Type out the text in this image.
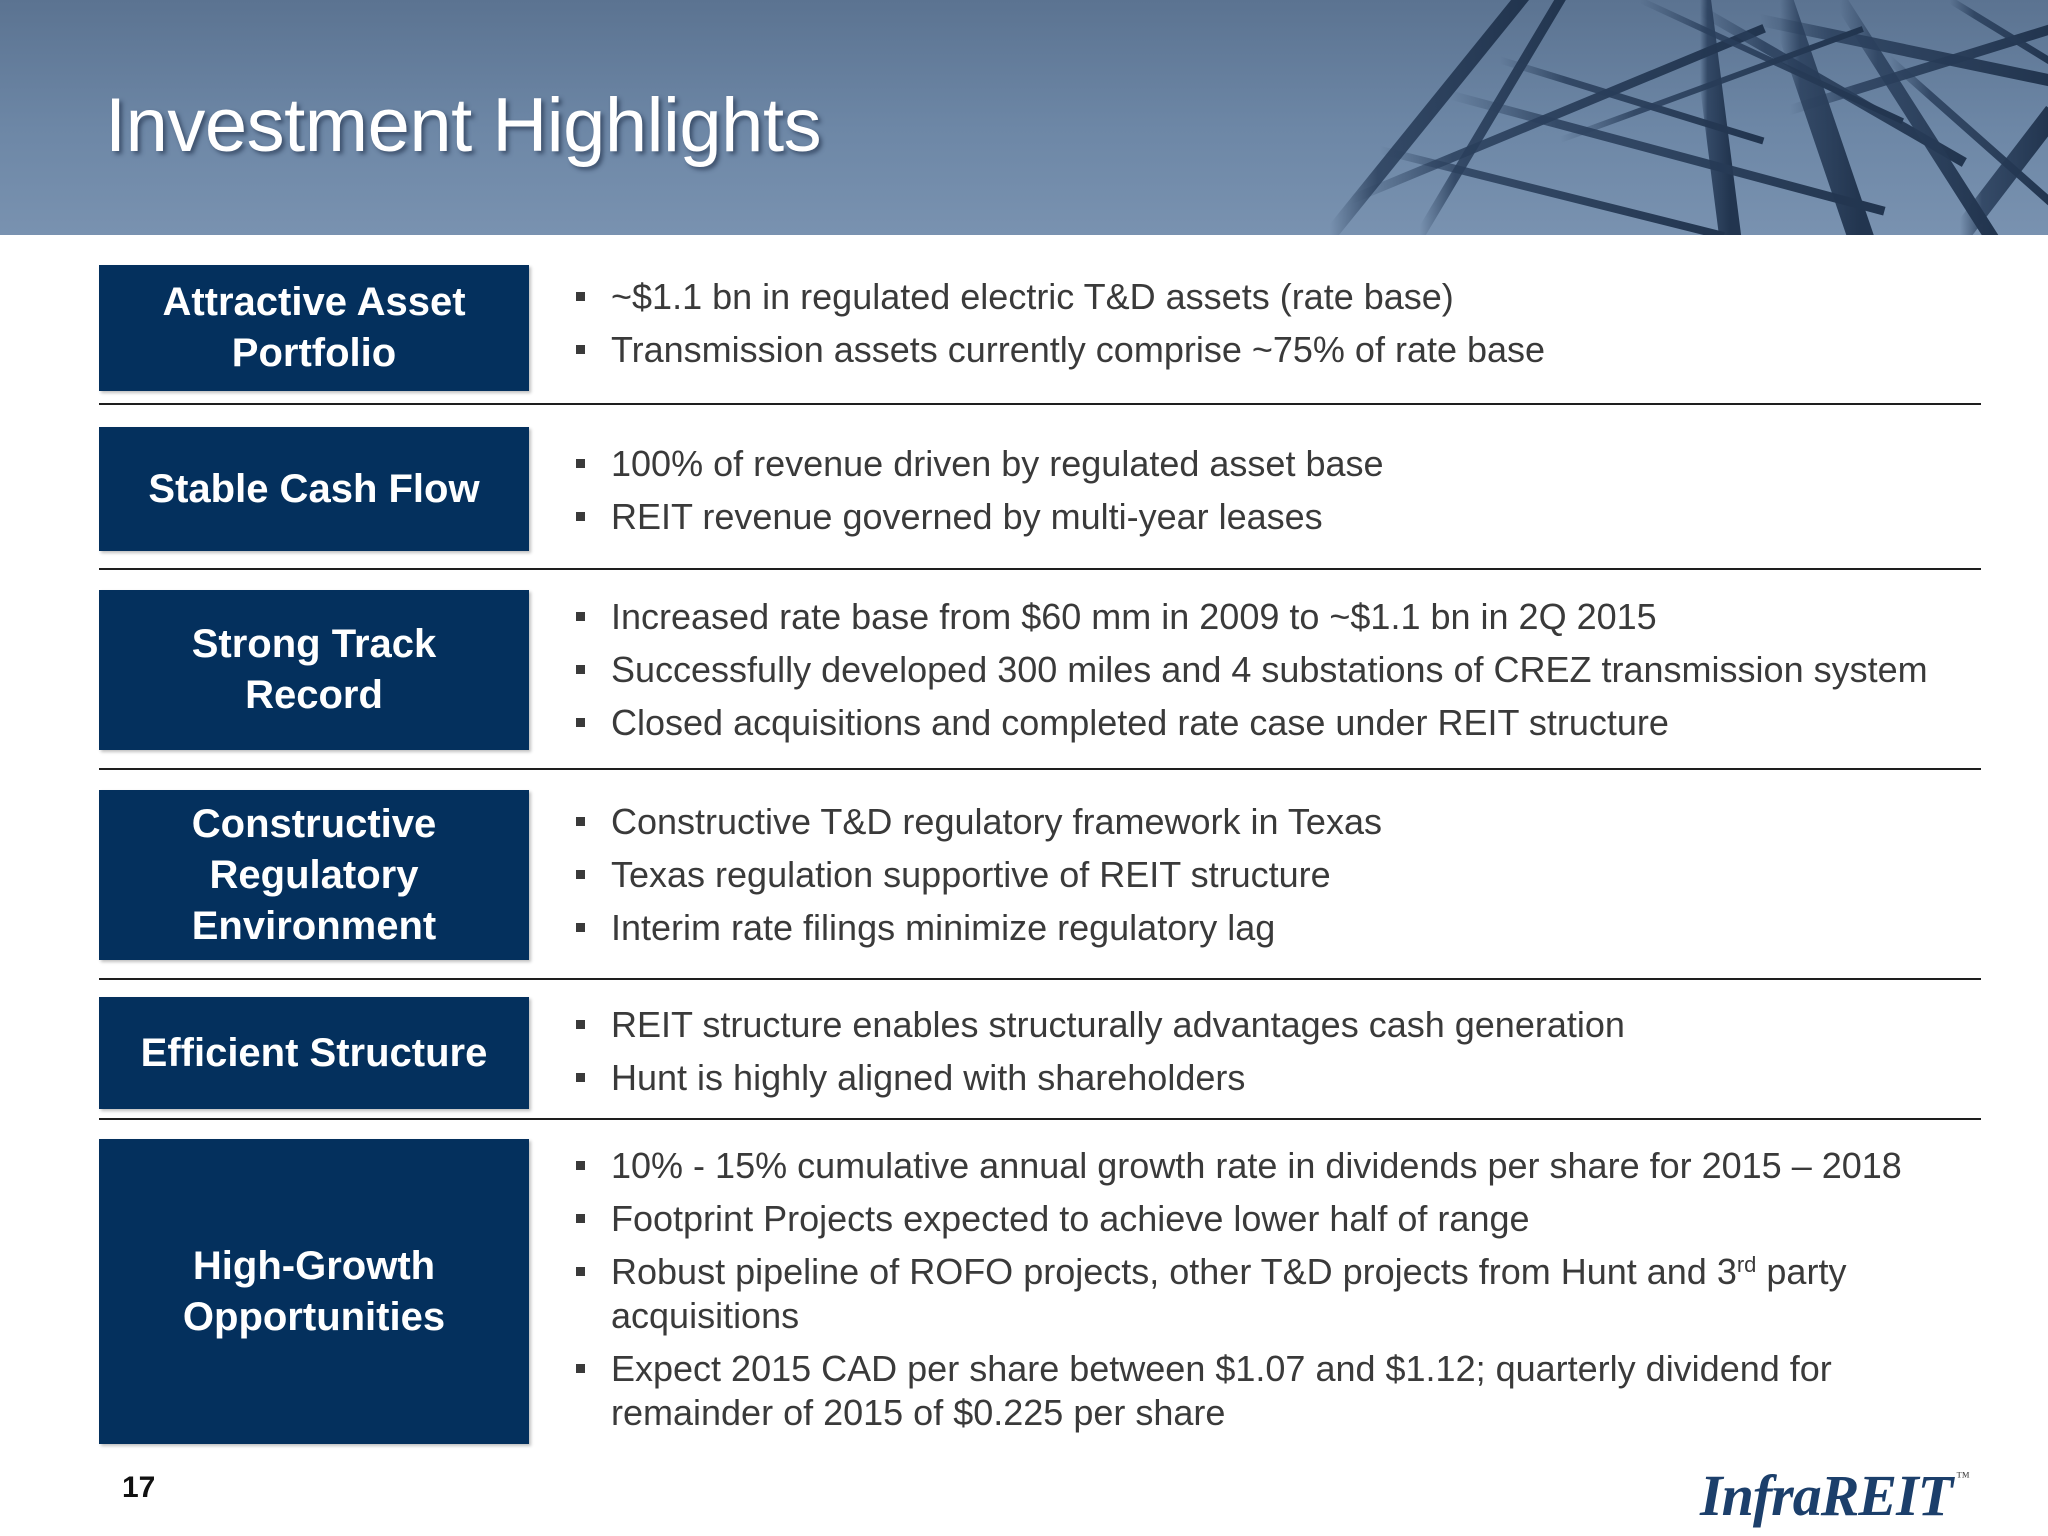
Investment Highlights
Attractive Asset
Portfolio
~$1.1 bn in regulated electric T&D assets (rate base)
Transmission assets currently comprise ~75% of rate base
Stable Cash Flow
100% of revenue driven by regulated asset base
REIT revenue governed by multi-year leases
Strong Track
Record
Increased rate base from $60 mm in 2009 to ~$1.1 bn in 2Q 2015
Successfully developed 300 miles and 4 substations of CREZ transmission system
Closed acquisitions and completed rate case under REIT structure
Constructive
Regulatory
Environment
Constructive T&D regulatory framework in Texas
Texas regulation supportive of REIT structure
Interim rate filings minimize regulatory lag
Efficient Structure
REIT structure enables structurally advantages cash generation
Hunt is highly aligned with shareholders
High-Growth
Opportunities
10% - 15% cumulative annual growth rate in dividends per share for 2015 – 2018
Footprint Projects expected to achieve lower half of range
Robust pipeline of ROFO projects, other T&D projects from Hunt and 3rd party acquisitions
Expect 2015 CAD per share between $1.07 and $1.12; quarterly dividend for remainder of 2015 of $0.225 per share
17	InfraREIT ™
